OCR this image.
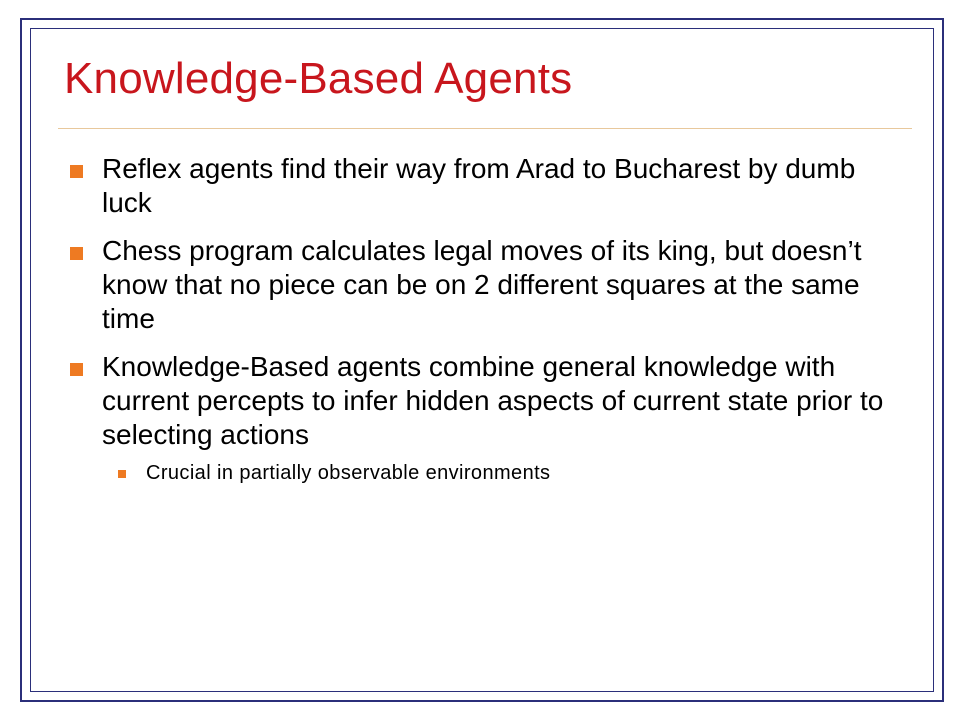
Knowledge-Based Agents
Reflex agents find their way from Arad to Bucharest by dumb luck
Chess program calculates legal moves of its king, but doesn’t know that no piece can be on 2 different squares at the same time
Knowledge-Based agents combine general knowledge with current percepts to infer hidden aspects of current state prior to selecting actions
Crucial in partially observable environments
